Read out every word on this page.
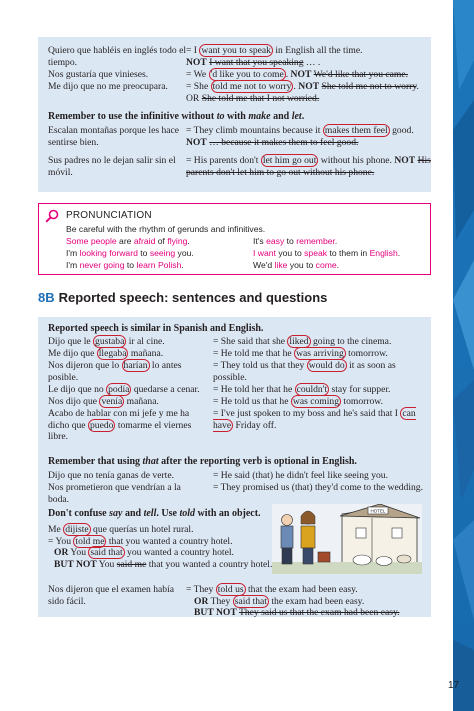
Quiero que habléis en inglés todo el tiempo.
= I want you to speak in English all the time.
NOT I want that you speaking … .
Nos gustaría que vinieses.	= We 'd like you to come . NOT We'd like that you came.
Me dijo que no me preocupara.	= She told me not to worry . NOT She told me not to worry. OR She told me that I not worried.
Remember to use the infinitive without to with make and let.
Escalan montañas porque les hace sentirse bien.
= They climb mountains because it makes them feel good. NOT … because it makes them to feel good.
Sus padres no le dejan salir sin el móvil.
= His parents don't let him go out without his phone. NOT His parents don't let him to go out without his phone.
PRONUNCIATION
Be careful with the rhythm of gerunds and infinitives.
Some people are afraid of flying.
I'm looking forward to seeing you.
I'm never going to learn Polish.
It's easy to remember.
I want you to speak to them in English.
We'd like you to come.
8B Reported speech: sentences and questions
Reported speech is similar in Spanish and English.
Dijo que le gustaba ir al cine.	= She said that she liked going to the cinema.
Me dijo que llegaba mañana.	= He told me that he was arriving tomorrow.
Nos dijeron que lo harían lo antes posible.
= They told us that they would do it as soon as possible.
Le dijo que no podía quedarse a cenar.	= He told her that he couldn't stay for supper.
Nos dijo que venía mañana.	= He told us that he was coming tomorrow.
Acabo de hablar con mi jefe y me ha dicho que puedo tomarme el viernes libre.
= I've just spoken to my boss and he's said that I can have Friday off.
Remember that using that after the reporting verb is optional in English.
Dijo que no tenía ganas de verte.	= He said (that) he didn't feel like seeing you.
Nos prometieron que vendrían a la boda.
= They promised us (that) they'd come to the wedding.
Don't confuse say and tell. Use told with an object.
Me dijiste que querías un hotel rural.
= You told me that you wanted a country hotel.
OR You said that you wanted a country hotel.
BUT NOT You said me that you wanted a country hotel.
Nos dijeron que el examen había sido fácil.
= They told us that the exam had been easy.
OR They said that the exam had been easy.
BUT NOT They said us that the exam had been easy.
HOTEL
17
